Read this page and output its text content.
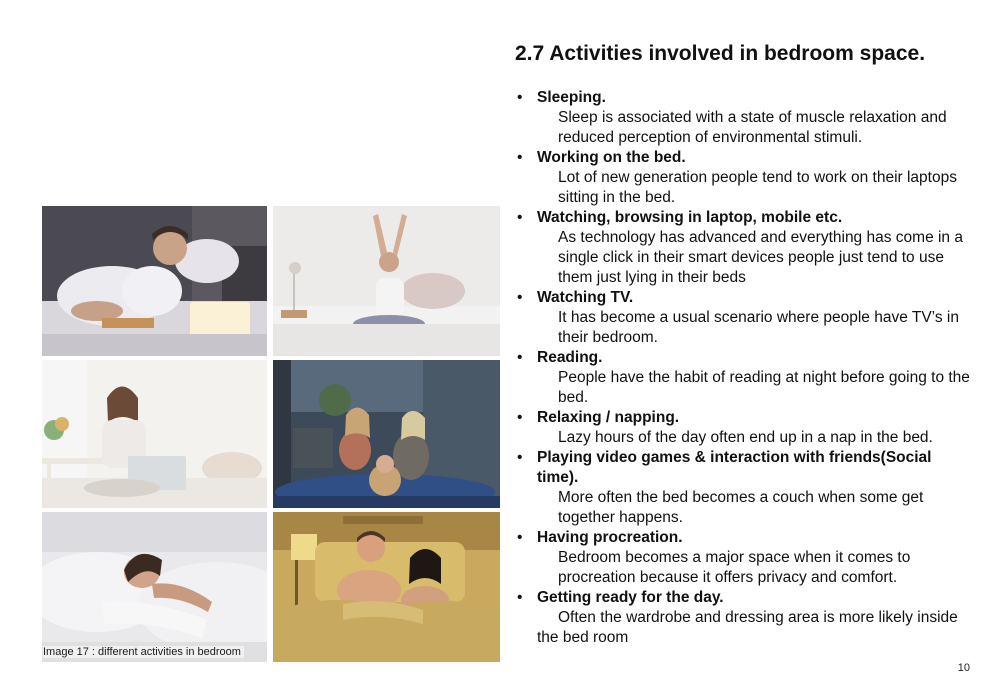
Image 17 : different activities in bedroom
2.7 Activities involved in bedroom space.
• Sleeping.
Sleep is associated with a state of muscle relaxation and reduced perception of environmental stimuli.
• Working on the bed.
Lot of new generation people tend to work on their laptops sitting in the bed.
• Watching, browsing in laptop, mobile etc.
As technology has advanced and everything has come in a single click in their smart devices people just tend to use them just lying in their beds
• Watching TV.
It has become a usual scenario where people have TV’s in their bedroom.
• Reading.
People have the habit of reading at night before going to the bed.
• Relaxing / napping.
Lazy hours of the day often end up in a nap in the bed.
• Playing video games & interaction with friends(Social time).
More often the bed becomes a couch when some get together happens.
• Having procreation.
Bedroom becomes a major space when it comes to procreation because it offers privacy and comfort.
• Getting ready for the day.
Often the wardrobe and dressing area is more likely inside the bed room
10
